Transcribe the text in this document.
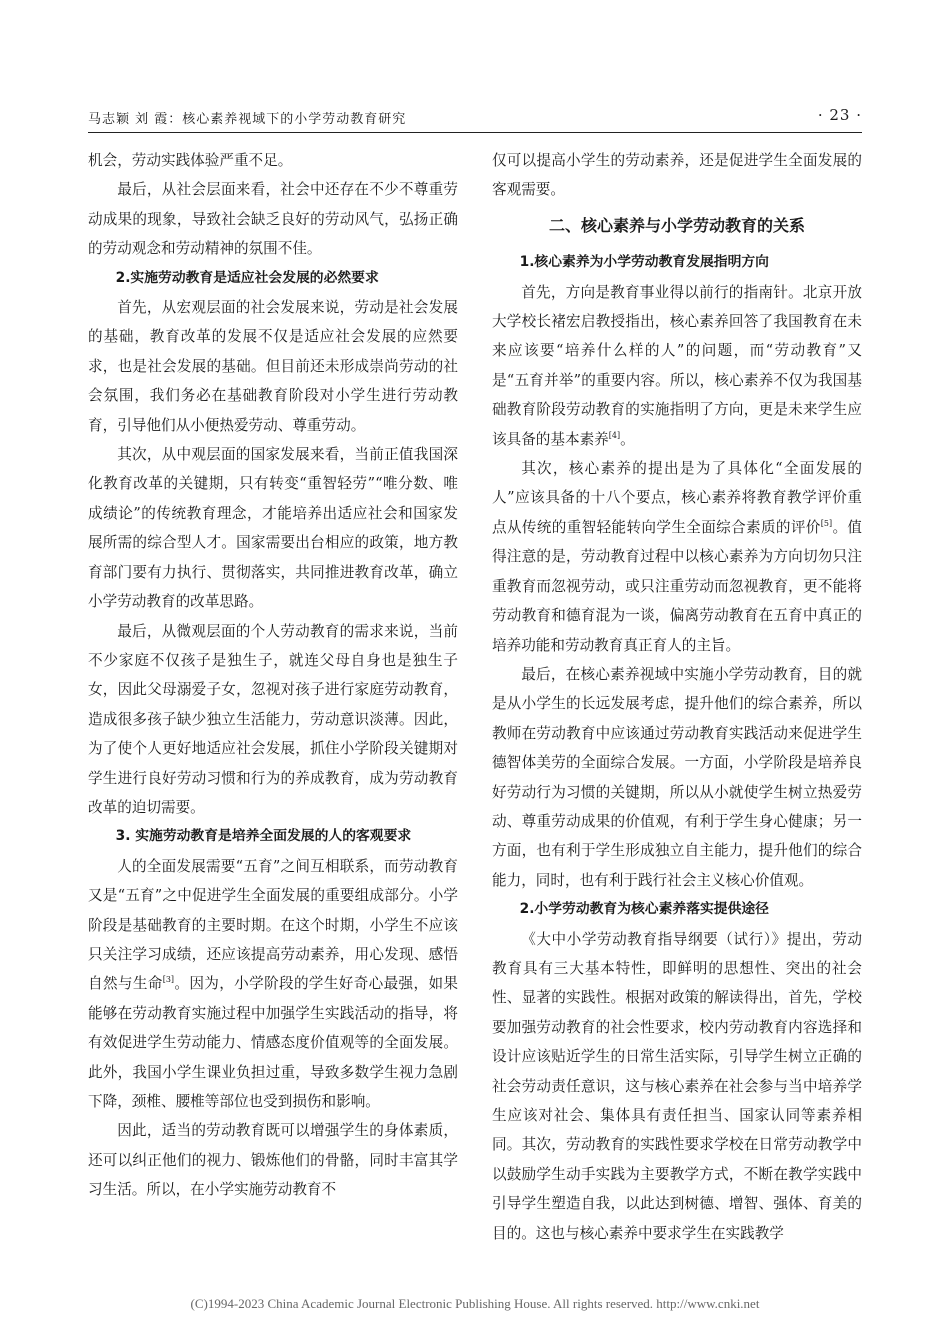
马志颖 刘 霞：核心素养视域下的小学劳动教育研究	· 23 ·

机会，劳动实践体验严重不足。

最后，从社会层面来看，社会中还存在不少不尊重劳动成果的现象，导致社会缺乏良好的劳动风气，弘扬正确的劳动观念和劳动精神的氛围不佳。

2.实施劳动教育是适应社会发展的必然要求

首先，从宏观层面的社会发展来说，劳动是社会发展的基础，教育改革的发展不仅是适应社会发展的应然要求，也是社会发展的基础。但目前还未形成崇尚劳动的社会氛围，我们务必在基础教育阶段对小学生进行劳动教育，引导他们从小便热爱劳动、尊重劳动。

其次，从中观层面的国家发展来看，当前正值我国深化教育改革的关键期，只有转变“重智轻劳”“唯分数、唯成绩论”的传统教育理念，才能培养出适应社会和国家发展所需的综合型人才。国家需要出台相应的政策，地方教育部门要有力执行、贯彻落实，共同推进教育改革，确立小学劳动教育的改革思路。

最后，从微观层面的个人劳动教育的需求来说，当前不少家庭不仅孩子是独生子，就连父母自身也是独生子女，因此父母溺爱子女，忽视对孩子进行家庭劳动教育，造成很多孩子缺少独立生活能力，劳动意识淡薄。因此，为了使个人更好地适应社会发展，抓住小学阶段关键期对学生进行良好劳动习惯和行为的养成教育，成为劳动教育改革的迫切需要。

3. 实施劳动教育是培养全面发展的人的客观要求

人的全面发展需要“五育”之间互相联系，而劳动教育又是“五育”之中促进学生全面发展的重要组成部分。小学阶段是基础教育的主要时期。在这个时期，小学生不应该只关注学习成绩，还应该提高劳动素养，用心发现、感悟自然与生命[3]。因为，小学阶段的学生好奇心最强，如果能够在劳动教育实施过程中加强学生实践活动的指导，将有效促进学生劳动能力、情感态度价值观等的全面发展。此外，我国小学生课业负担过重，导致多数学生视力急剧下降，颈椎、腰椎等部位也受到损伤和影响。

因此，适当的劳动教育既可以增强学生的身体素质，还可以纠正他们的视力、锻炼他们的骨骼，同时丰富其学习生活。所以，在小学实施劳动教育不

仅可以提高小学生的劳动素养，还是促进学生全面发展的客观需要。

二、核心素养与小学劳动教育的关系

1.核心素养为小学劳动教育发展指明方向

首先，方向是教育事业得以前行的指南针。北京开放大学校长褚宏启教授指出，核心素养回答了我国教育在未来应该要“培养什么样的人”的问题，而“劳动教育”又是“五育并举”的重要内容。所以，核心素养不仅为我国基础教育阶段劳动教育的实施指明了方向，更是未来学生应该具备的基本素养[4]。

其次，核心素养的提出是为了具体化“全面发展的人”应该具备的十八个要点，核心素养将教育教学评价重点从传统的重智轻能转向学生全面综合素质的评价[5]。值得注意的是，劳动教育过程中以核心素养为方向切勿只注重教育而忽视劳动，或只注重劳动而忽视教育，更不能将劳动教育和德育混为一谈，偏离劳动教育在五育中真正的培养功能和劳动教育真正育人的主旨。

最后，在核心素养视域中实施小学劳动教育，目的就是从小学生的长远发展考虑，提升他们的综合素养，所以教师在劳动教育中应该通过劳动教育实践活动来促进学生德智体美劳的全面综合发展。一方面，小学阶段是培养良好劳动行为习惯的关键期，所以从小就使学生树立热爱劳动、尊重劳动成果的价值观，有利于学生身心健康；另一方面，也有利于学生形成独立自主能力，提升他们的综合能力，同时，也有利于践行社会主义核心价值观。

2.小学劳动教育为核心素养落实提供途径

《大中小学劳动教育指导纲要（试行）》提出，劳动教育具有三大基本特性，即鲜明的思想性、突出的社会性、显著的实践性。根据对政策的解读得出，首先，学校要加强劳动教育的社会性要求，校内劳动教育内容选择和设计应该贴近学生的日常生活实际，引导学生树立正确的社会劳动责任意识，这与核心素养在社会参与当中培养学生应该对社会、集体具有责任担当、国家认同等素养相同。其次，劳动教育的实践性要求学校在日常劳动教学中以鼓励学生动手实践为主要教学方式，不断在教学实践中引导学生塑造自我，以此达到树德、增智、强体、育美的目的。这也与核心素养中要求学生在实践教学

(C)1994-2023 China Academic Journal Electronic Publishing House. All rights reserved. http://www.cnki.net
